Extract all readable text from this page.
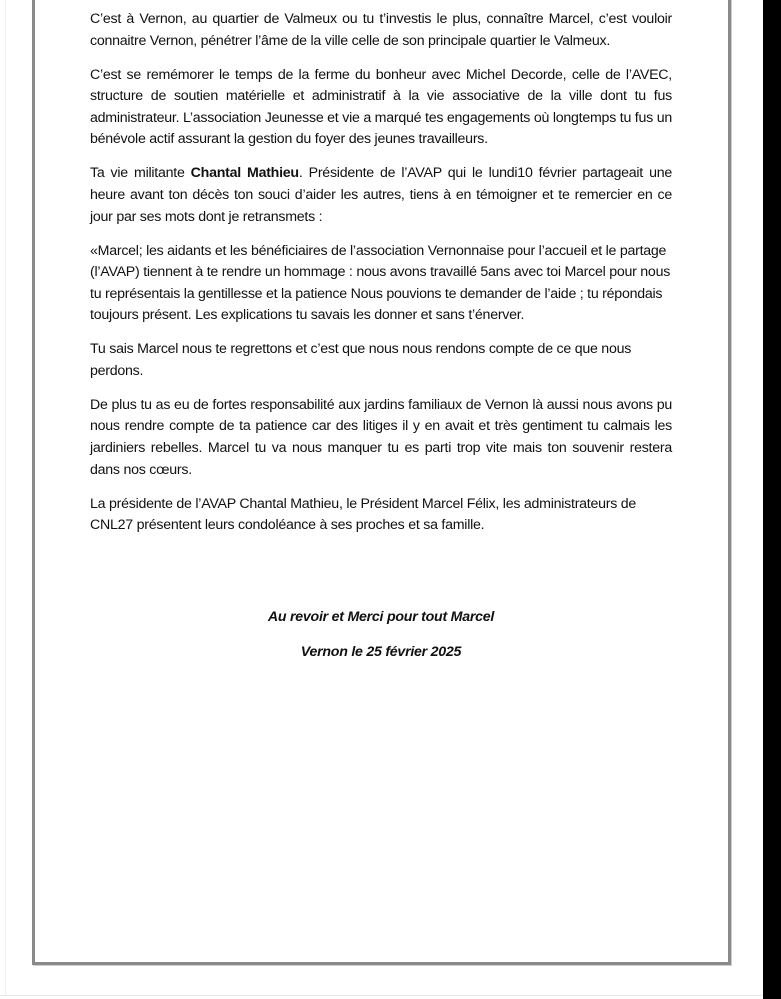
C’est à Vernon, au quartier de Valmeux ou tu t’investis le plus, connaître Marcel, c’est vouloir connaitre Vernon, pénétrer l’âme de la ville celle de son principale quartier le Valmeux.

C’est se remémorer le temps de la ferme du bonheur avec Michel Decorde, celle de l’AVEC, structure de soutien matérielle et administratif à la vie associative de la ville dont tu fus administrateur. L’association Jeunesse et vie a marqué tes engagements où longtemps tu fus un bénévole actif assurant la gestion du foyer des jeunes travailleurs.

Ta vie militante Chantal Mathieu. Présidente de l’AVAP qui le lundi10 février partageait une heure avant ton décès ton souci d’aider les autres, tiens à en témoigner et te remercier en ce jour par ses mots dont je retransmets :

«Marcel; les aidants et les bénéficiaires de l’association Vernonnaise pour l’accueil et le partage (l’AVAP) tiennent à te rendre un hommage : nous avons travaillé 5ans avec toi Marcel pour nous tu représentais la gentillesse et la patience Nous pouvions te demander de l’aide ; tu répondais toujours présent. Les explications tu savais les donner et sans t’énerver.

Tu sais Marcel nous te regrettons et c’est que nous nous rendons compte de ce que nous perdons.

De plus tu as eu de fortes responsabilité aux jardins familiaux de Vernon là aussi nous avons pu nous rendre compte de ta patience car des litiges il y en avait et très gentiment tu calmais les jardiniers rebelles. Marcel tu va nous manquer tu es parti trop vite mais ton souvenir restera dans nos cœurs.

La présidente de l’AVAP Chantal Mathieu, le Président Marcel Félix, les administrateurs de CNL27 présentent leurs condoléance à ses proches et sa famille.

Au revoir et Merci pour tout Marcel
Vernon le 25 février 2025
